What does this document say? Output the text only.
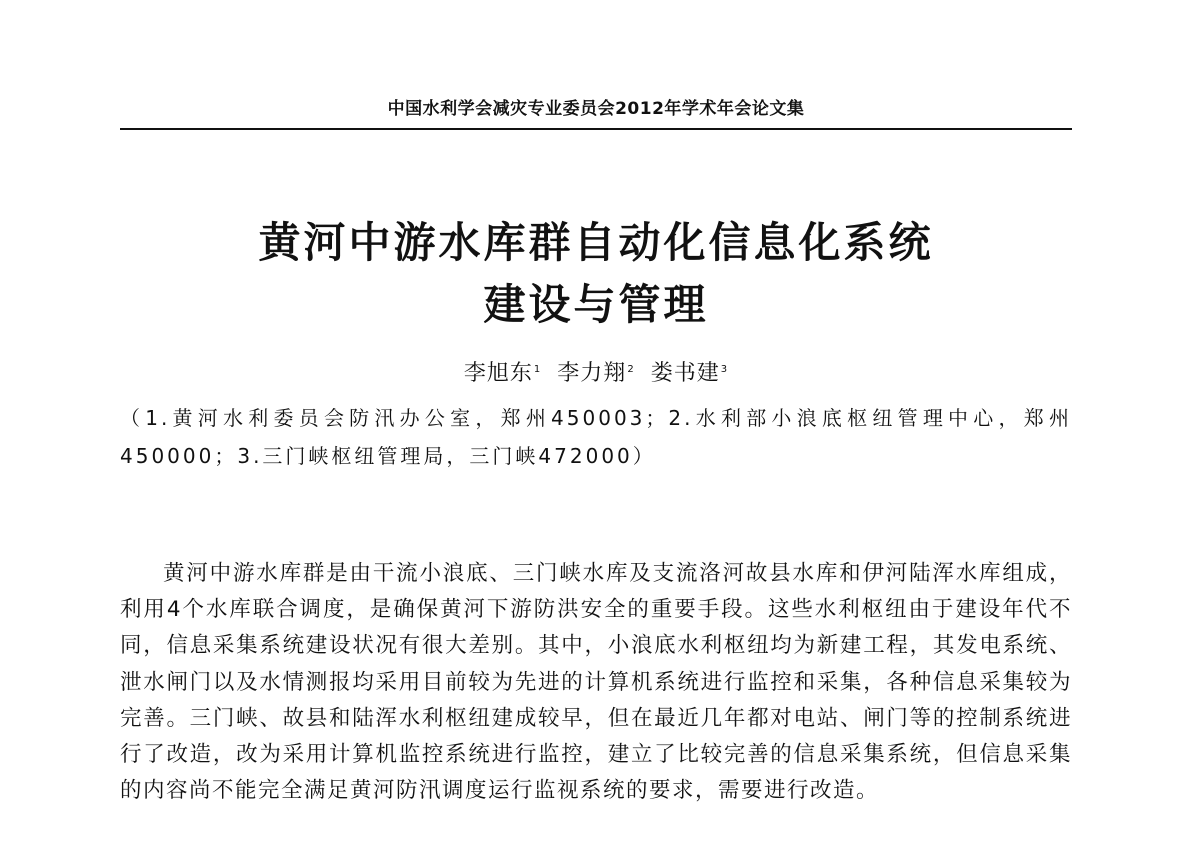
中国水利学会减灾专业委员会2012年学术年会论文集
黄河中游水库群自动化信息化系统
建设与管理
李旭东$^1$ 李力翔$^2$ 娄书建$^3$
（1.黄河水利委员会防汛办公室，郑州450003；2.水利部小浪底枢纽管理中心，郑州450000；3.三门峡枢纽管理局，三门峡472000）
黄河中游水库群是由干流小浪底、三门峡水库及支流洛河故县水库和伊河陆浑水库组成，利用4个水库联合调度，是确保黄河下游防洪安全的重要手段。这些水利枢纽由于建设年代不同，信息采集系统建设状况有很大差别。其中，小浪底水利枢纽均为新建工程，其发电系统、泄水闸门以及水情测报均采用目前较为先进的计算机系统进行监控和采集，各种信息采集较为完善。三门峡、故县和陆浑水利枢纽建成较早，但在最近几年都对电站、闸门等的控制系统进行了改造，改为采用计算机监控系统进行监控，建立了比较完善的信息采集系统，但信息采集的内容尚不能完全满足黄河防汛调度运行监视系统的要求，需要进行改造。
